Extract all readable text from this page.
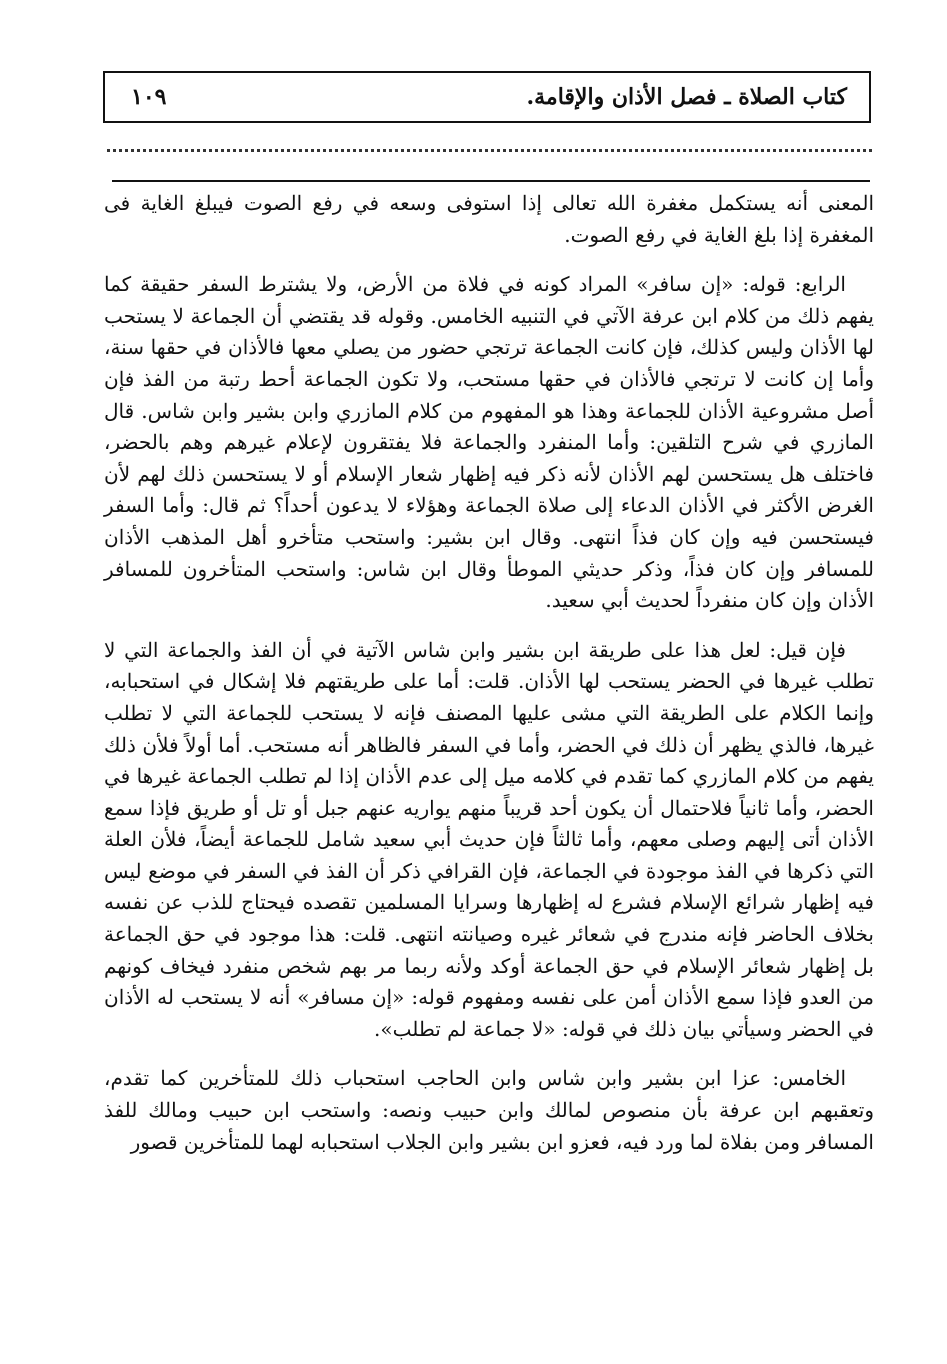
كتاب الصلاة ـ فصل الأذان والإقامة.
١٠٩

المعنى أنه يستكمل مغفرة الله تعالى إذا استوفى وسعه في رفع الصوت فيبلغ الغاية فى المغفرة إذا بلغ الغاية في رفع الصوت.

الرابع: قوله: «إن سافر» المراد كونه في فلاة من الأرض، ولا يشترط السفر حقيقة كما يفهم ذلك من كلام ابن عرفة الآتي في التنبيه الخامس. وقوله قد يقتضي أن الجماعة لا يستحب لها الأذان وليس كذلك، فإن كانت الجماعة ترتجي حضور من يصلي معها فالأذان في حقها سنة، وأما إن كانت لا ترتجي فالأذان في حقها مستحب، ولا تكون الجماعة أحط رتبة من الفذ فإن أصل مشروعية الأذان للجماعة وهذا هو المفهوم من كلام المازري وابن بشير وابن شاس. قال المازري في شرح التلقين: وأما المنفرد والجماعة فلا يفتقرون لإعلام غيرهم وهم بالحضر، فاختلف هل يستحسن لهم الأذان لأنه ذكر فيه إظهار شعار الإسلام أو لا يستحسن ذلك لهم لأن الغرض الأكثر في الأذان الدعاء إلى صلاة الجماعة وهؤلاء لا يدعون أحداً؟ ثم قال: وأما السفر فيستحسن فيه وإن كان فذاً انتهى. وقال ابن بشير: واستحب متأخرو أهل المذهب الأذان للمسافر وإن كان فذاً، وذكر حديثي الموطأ وقال ابن شاس: واستحب المتأخرون للمسافر الأذان وإن كان منفرداً لحديث أبي سعيد.

فإن قيل: لعل هذا على طريقة ابن بشير وابن شاس الآتية في أن الفذ والجماعة التي لا تطلب غيرها في الحضر يستحب لها الأذان. قلت: أما على طريقتهم فلا إشكال في استحبابه، وإنما الكلام على الطريقة التي مشى عليها المصنف فإنه لا يستحب للجماعة التي لا تطلب غيرها، فالذي يظهر أن ذلك في الحضر، وأما في السفر فالظاهر أنه مستحب. أما أولاً فلأن ذلك يفهم من كلام المازري كما تقدم في كلامه ميل إلى عدم الأذان إذا لم تطلب الجماعة غيرها في الحضر، وأما ثانياً فلاحتمال أن يكون أحد قريباً منهم يواريه عنهم جبل أو تل أو طريق فإذا سمع الأذان أتى إليهم وصلى معهم، وأما ثالثاً فإن حديث أبي سعيد شامل للجماعة أيضاً، فلأن العلة التي ذكرها في الفذ موجودة في الجماعة، فإن القرافي ذكر أن الفذ في السفر في موضع ليس فيه إظهار شرائع الإسلام فشرع له إظهارها وسرايا المسلمين تقصده فيحتاج للذب عن نفسه بخلاف الحاضر فإنه مندرج في شعائر غيره وصيانته انتهى. قلت: هذا موجود في حق الجماعة بل إظهار شعائر الإسلام في حق الجماعة أوكد ولأنه ربما مر بهم شخص منفرد فيخاف كونهم من العدو فإذا سمع الأذان أمن على نفسه ومفهوم قوله: «إن مسافر» أنه لا يستحب له الأذان في الحضر وسيأتي بيان ذلك في قوله: «لا جماعة لم تطلب».

الخامس: عزا ابن بشير وابن شاس وابن الحاجب استحباب ذلك للمتأخرين كما تقدم، وتعقبهم ابن عرفة بأن منصوص لمالك وابن حبيب ونصه: واستحب ابن حبيب ومالك للفذ المسافر ومن بفلاة لما ورد فيه، فعزو ابن بشير وابن الجلاب استحبابه لهما للمتأخرين قصور
